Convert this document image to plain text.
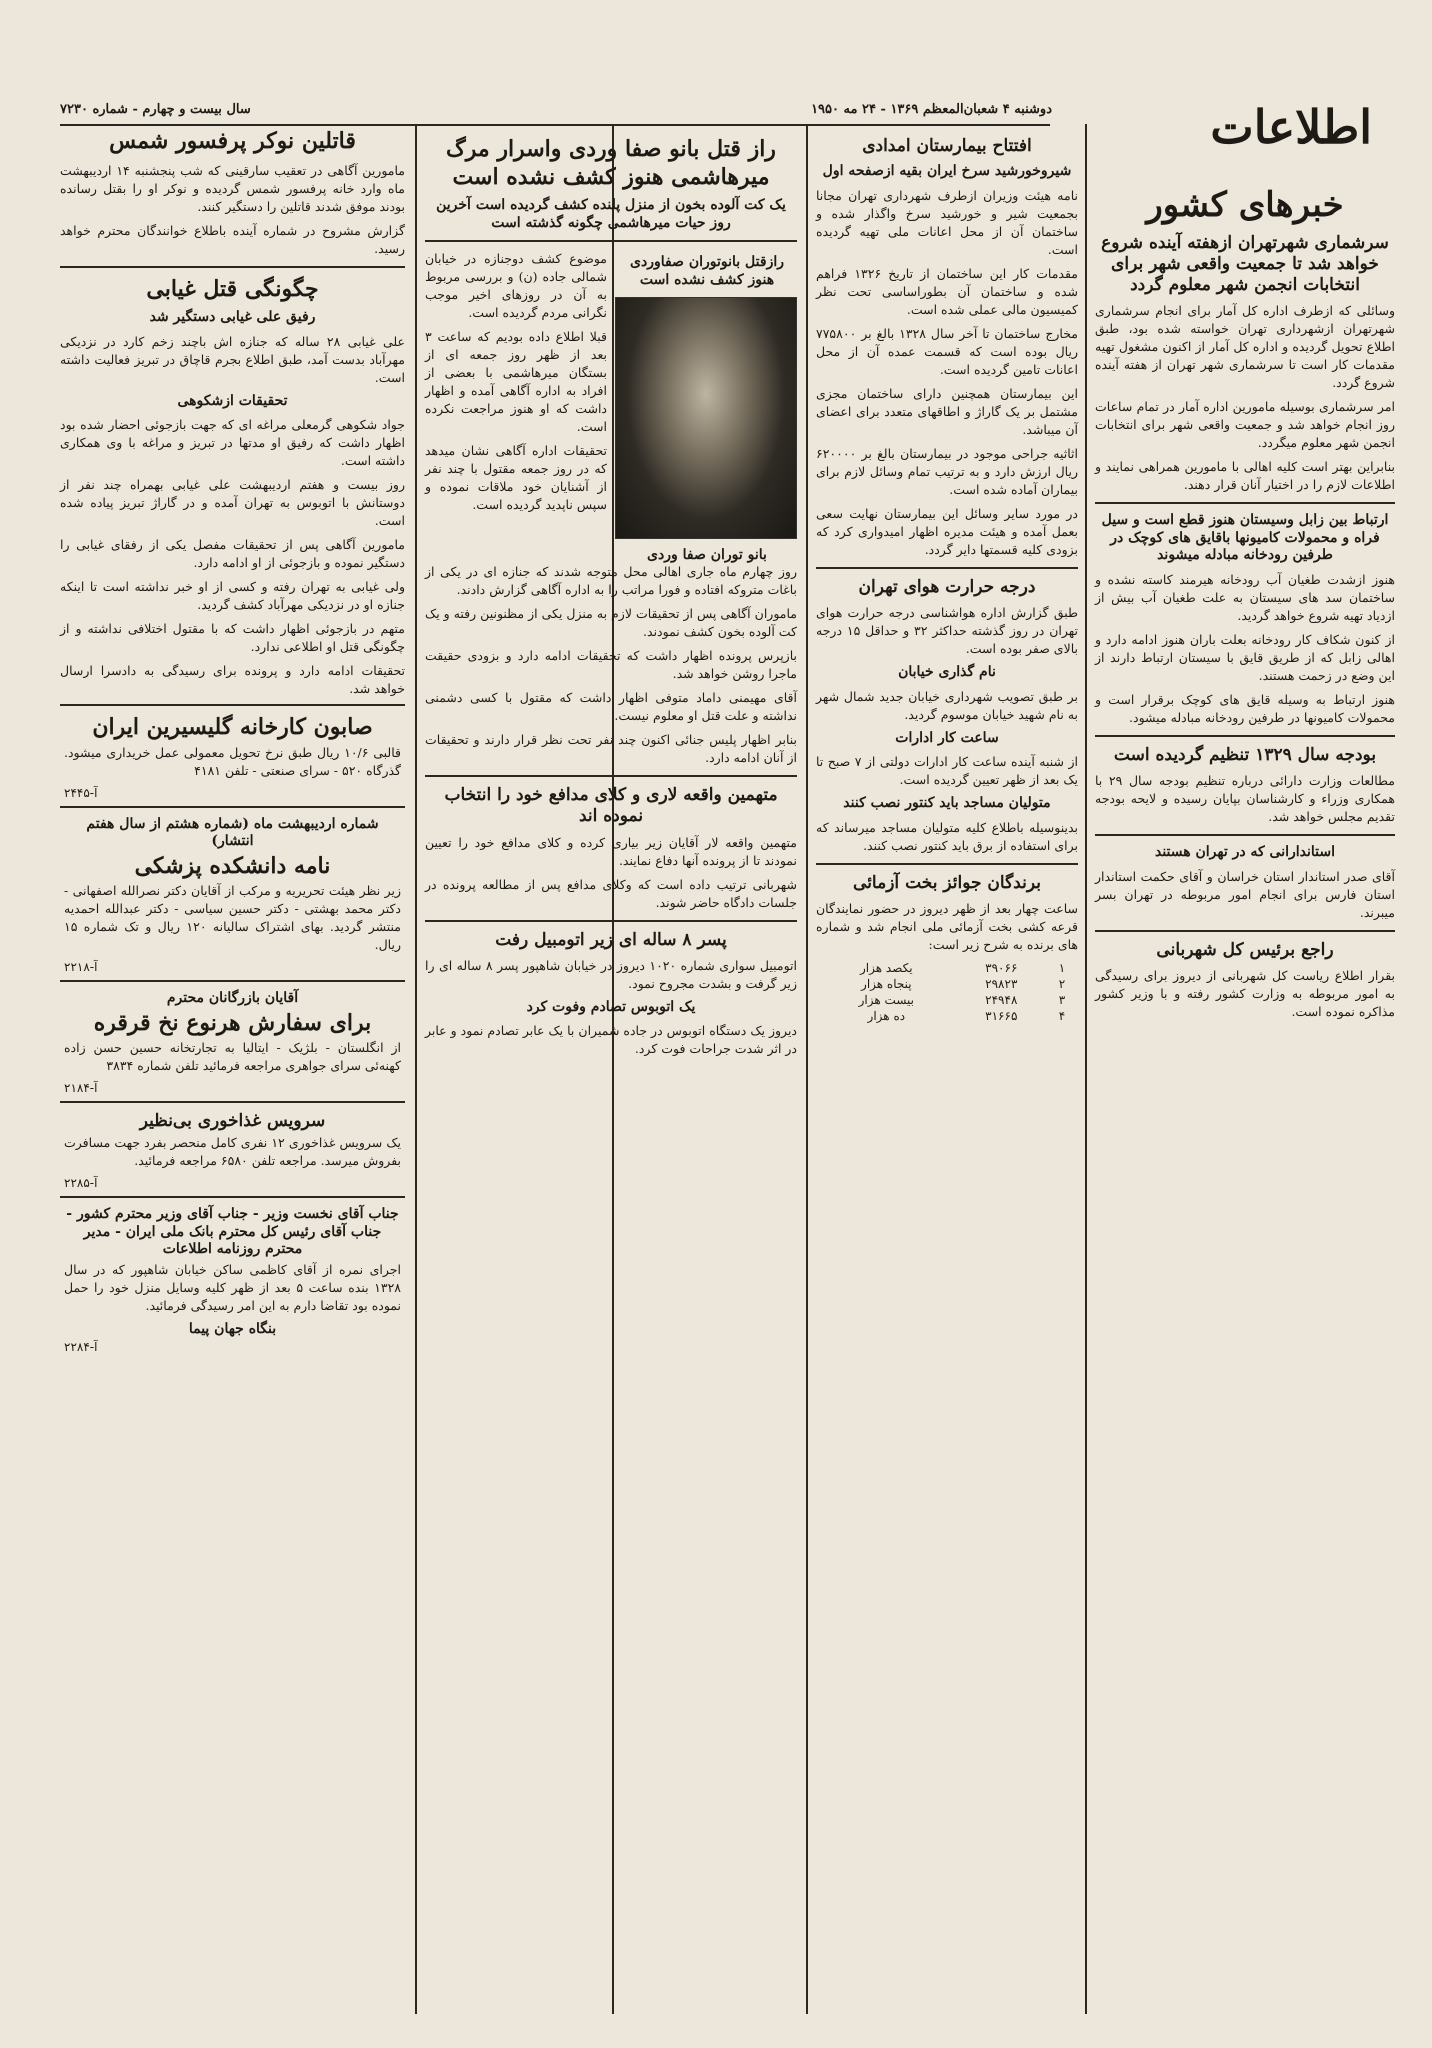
اطلاعات
دوشنبه ۴ شعبان‌المعظم ۱۳۶۹ - ۲۴ مه ۱۹۵۰
سال بیست و چهارم - شماره ۷۲۳۰
خبرهای کشور
سرشماری شهرتهران ازهفته آینده شروع خواهد شد تا جمعیت واقعی شهر برای انتخابات انجمن شهر معلوم گردد

وسائلی که ازطرف اداره کل آمار برای انجام سرشماری شهرتهران ازشهرداری تهران خواسته شده بود، طبق اطلاع تحویل گردیده و اداره کل آمار از اکنون مشغول تهیه مقدمات کار است تا سرشماری شهر تهران از هفته آینده شروع گردد.

امر سرشماری بوسیله مامورین اداره آمار در تمام ساعات روز انجام خواهد شد و جمعیت واقعی شهر برای انتخابات انجمن شهر معلوم میگردد.

بنابراین بهتر است کلیه اهالی با مامورین همراهی نمایند و اطلاعات لازم را در اختیار آنان قرار دهند.

ارتباط بین زابل وسیستان هنوز قطع است و سیل فراه و محمولات کامیونها باقایق های کوچک در طرفین رودخانه مبادله میشوند

هنوز ازشدت طغیان آب رودخانه هیرمند کاسته نشده و ساختمان سد های سیستان به علت طغیان آب بیش از ازدیاد تهیه شروع خواهد گردید.

از کنون شکاف کار رودخانه بعلت باران هنوز ادامه دارد و اهالی زابل که از طریق قایق با سیستان ارتباط دارند از این وضع در زحمت هستند.

هنوز ارتباط به وسیله قایق های کوچک برقرار است و محمولات کامیونها در طرفین رودخانه مبادله میشود.

بودجه سال ۱۳۲۹ تنظیم گردیده است

مطالعات وزارت دارائی درباره تنظیم بودجه سال ۲۹ با همکاری وزراء و کارشناسان بپایان رسیده و لایحه بودجه تقدیم مجلس خواهد شد.

استاندارانی که در تهران هستند

آقای صدر استاندار استان خراسان و آقای حکمت استاندار استان فارس برای انجام امور مربوطه در تهران بسر میبرند.

راجع برئیس کل شهربانی

بقرار اطلاع ریاست کل شهربانی از دیروز برای رسیدگی به امور مربوطه به وزارت کشور رفته و با وزیر کشور مذاکره نموده است.

افتتاح بیمارستان امدادی
شیروخورشید سرخ ایران بقیه ازصفحه اول

نامه هیئت وزیران ازطرف شهرداری تهران مجانا بجمعیت شیر و خورشید سرخ واگذار شده و ساختمان آن از محل اعانات ملی تهیه گردیده است.

مقدمات کار این ساختمان از تاریخ ۱۳۲۶ فراهم شده و ساختمان آن بطوراساسی تحت نظر کمیسیون مالی عملی شده است.

مخارج ساختمان تا آخر سال ۱۳۲۸ بالغ بر ۷۷۵۸۰۰ ریال بوده است که قسمت عمده آن از محل اعانات تامین گردیده است.

این بیمارستان همچنین دارای ساختمان مجزی مشتمل بر یک گاراژ و اطاقهای متعدد برای اعضای آن میباشد.

اثاثیه جراحی موجود در بیمارستان بالغ بر ۶۲۰۰۰۰ ریال ارزش دارد و به ترتیب تمام وسائل لازم برای بیماران آماده شده است.

در مورد سایر وسائل این بیمارستان نهایت سعی بعمل آمده و هیئت مدیره اظهار امیدواری کرد که بزودی کلیه قسمتها دایر گردد.

درجه حرارت هوای تهران

طبق گزارش اداره هواشناسی درجه حرارت هوای تهران در روز گذشته حداکثر ۳۲ و حداقل ۱۵ درجه بالای صفر بوده است.

نام گذاری خیابان

بر طبق تصویب شهرداری خیابان جدید شمال شهر به نام شهید خیابان موسوم گردید.

ساعت کار ادارات

از شنبه آینده ساعت کار ادارات دولتی از ۷ صبح تا یک بعد از ظهر تعیین گردیده است.

متولیان مساجد باید کنتور نصب کنند

بدینوسیله باطلاع کلیه متولیان مساجد میرساند که برای استفاده از برق باید کنتور نصب کنند.

برندگان جوائز بخت آزمائی

ساعت چهار بعد از ظهر دیروز در حضور نمایندگان قرعه کشی بخت آزمائی ملی انجام شد و شماره های برنده به شرح زیر است:

۱	۳۹۰۶۶	یکصد هزار
۲	۲۹۸۲۳	پنجاه هزار
۳	۲۴۹۴۸	بیست هزار
۴	۳۱۶۶۵	ده هزار
راز قتل بانو صفا وردی واسرار مرگ میرهاشمی هنوز کشف نشده است
یک کت آلوده بخون از منزل پلنده کشف گردیده است آخرین روز حیات میرهاشمی چگونه گذشته است
رازقتل بانوتوران صفاوردی هنوز کشف نشده است
بانو توران صفا وردی

موضوع کشف دوجنازه در خیابان شمالی جاده (ن) و بررسی مربوط به آن در روزهای اخیر موجب نگرانی مردم گردیده است.

قبلا اطلاع داده بودیم که ساعت ۳ بعد از ظهر روز جمعه ای از بستگان میرهاشمی با بعضی از افراد به اداره آگاهی آمده و اظهار داشت که او هنوز مراجعت نکرده است.

تحقیقات اداره آگاهی نشان میدهد که در روز جمعه مقتول با چند نفر از آشنایان خود ملاقات نموده و سپس ناپدید گردیده است.

روز چهارم ماه جاری اهالی محل متوجه شدند که جنازه ای در یکی از باغات متروکه افتاده و فورا مراتب را به اداره آگاهی گزارش دادند.

ماموران آگاهی پس از تحقیقات لازم به منزل یکی از مظنونین رفته و یک کت آلوده بخون کشف نمودند.

بازپرس پرونده اظهار داشت که تحقیقات ادامه دارد و بزودی حقیقت ماجرا روشن خواهد شد.

آقای مهیمنی داماد متوفی اظهار داشت که مقتول با کسی دشمنی نداشته و علت قتل او معلوم نیست.

بنابر اظهار پلیس جنائی اکنون چند نفر تحت نظر قرار دارند و تحقیقات از آنان ادامه دارد.

متهمین واقعه لاری و کلای مدافع خود را انتخاب نموده اند

متهمین واقعه لار آقایان زیر بیاری کرده و کلای مدافع خود را تعیین نمودند تا از پرونده آنها دفاع نمایند.

شهربانی ترتیب داده است که وکلای مدافع پس از مطالعه پرونده در جلسات دادگاه حاضر شوند.

پسر ۸ ساله ای زیر اتومبیل رفت

اتومبیل سواری شماره ۱۰۲۰ دیروز در خیابان شاهپور پسر ۸ ساله ای را زیر گرفت و بشدت مجروح نمود.

یک اتوبوس تصادم وفوت کرد

دیروز یک دستگاه اتوبوس در جاده شمیران با یک عابر تصادم نمود و عابر در اثر شدت جراحات فوت کرد.

قاتلین نوکر پرفسور شمس

مامورین آگاهی در تعقیب سارقینی که شب پنجشنبه ۱۴ اردیبهشت ماه وارد خانه پرفسور شمس گردیده و نوکر او را بقتل رسانده بودند موفق شدند قاتلین را دستگیر کنند.

گزارش مشروح در شماره آینده باطلاع خوانندگان محترم خواهد رسید.

چگونگی قتل غیابی
رفیق علی غیابی دستگیر شد

علی غیابی ۲۸ ساله که جنازه اش باچند زخم کارد در نزدیکی مهرآباد بدست آمد، طبق اطلاع بجرم قاچاق در تبریز فعالیت داشته است.

تحقیقات ازشکوهی

جواد شکوهی گرمعلی مراغه ای که جهت بازجوئی احضار شده بود اظهار داشت که رفیق او مدتها در تبریز و مراغه با وی همکاری داشته است.

روز بیست و هفتم اردیبهشت علی غیابی بهمراه چند نفر از دوستانش با اتوبوس به تهران آمده و در گاراژ تبریز پیاده شده است.

مامورین آگاهی پس از تحقیقات مفصل یکی از رفقای غیابی را دستگیر نموده و بازجوئی از او ادامه دارد.

ولی غیابی به تهران رفته و کسی از او خبر نداشته است تا اینکه جنازه او در نزدیکی مهرآباد کشف گردید.

متهم در بازجوئی اظهار داشت که با مقتول اختلافی نداشته و از چگونگی قتل او اطلاعی ندارد.

تحقیقات ادامه دارد و پرونده برای رسیدگی به دادسرا ارسال خواهد شد.

صابون کارخانه گلیسیرین ایران

قالبی ۱۰/۶ ریال طبق نرخ تحویل معمولی عمل خریداری میشود. گذرگاه ۵۲۰ - سرای صنعتی - تلفن ۴۱۸۱

آ-۲۴۴۵
شماره اردیبهشت ماه (شماره هشتم از سال هفتم انتشار)
نامه دانشکده پزشکی

زیر نظر هیئت تحریریه و مرکب از آقایان دکتر نصرالله اصفهانی - دکتر محمد بهشتی - دکتر حسین سیاسی - دکتر عبدالله احمدیه منتشر گردید. بهای اشتراک سالیانه ۱۲۰ ریال و تک شماره ۱۵ ریال.

آ-۲۲۱۸
آقایان بازرگانان محترم
برای سفارش هرنوع نخ قرقره

از انگلستان - بلژیک - ایتالیا به تجارتخانه حسین حسن زاده کهنه‌ئی سرای جواهری مراجعه فرمائید تلفن شماره ۳۸۳۴

آ-۲۱۸۴
سرویس غذاخوری بی‌نظیر

یک سرویس غذاخوری ۱۲ نفری کامل منحصر بفرد جهت مسافرت بفروش میرسد. مراجعه تلفن ۶۵۸۰ مراجعه فرمائید.

آ-۲۲۸۵
جناب آقای نخست وزیر - جناب آقای وزیر محترم کشور - جناب آقای رئیس کل محترم بانک ملی ایران - مدیر محترم روزنامه اطلاعات

اجرای نمره از آقای کاظمی ساکن خیابان شاهپور که در سال ۱۳۲۸ بنده ساعت ۵ بعد از ظهر کلیه وسایل منزل خود را حمل نموده بود تقاضا دارم به این امر رسیدگی فرمائید.

بنگاه جهان پیما
آ-۲۲۸۴
